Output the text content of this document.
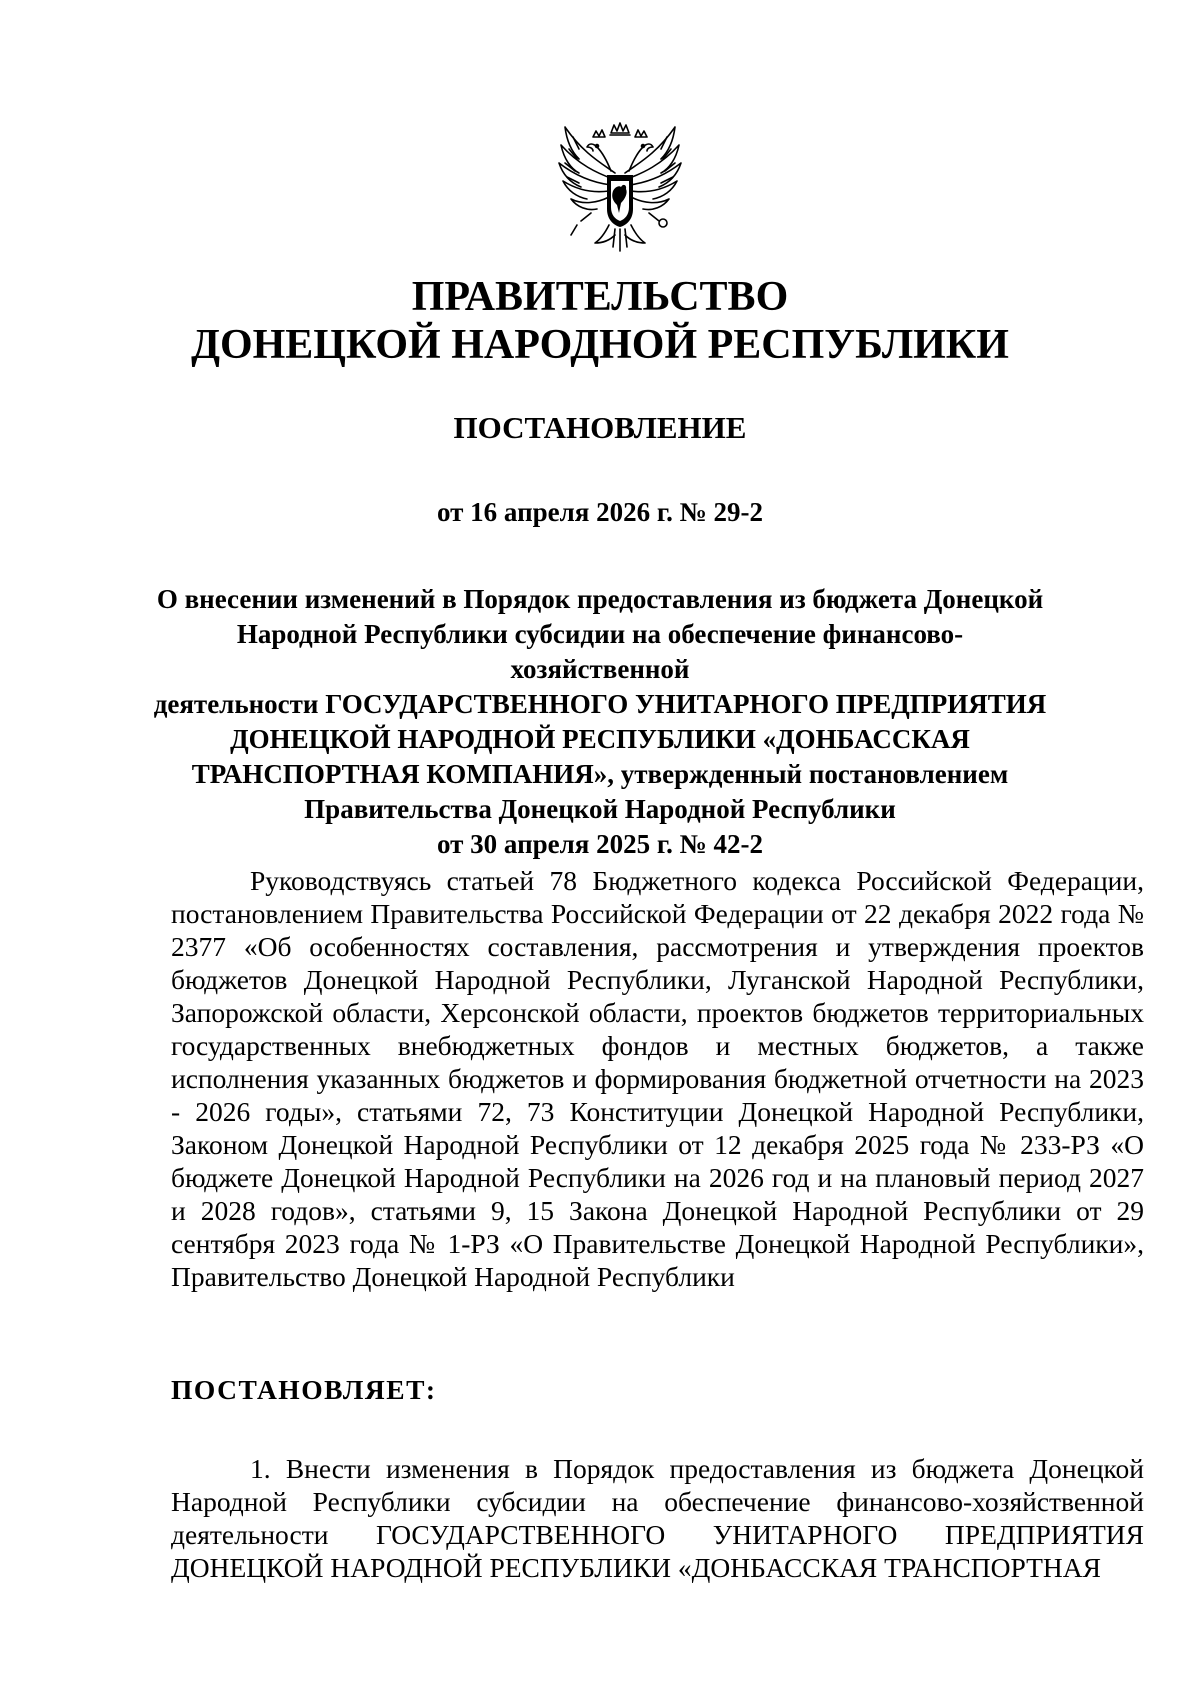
ПРАВИТЕЛЬСТВО
ДОНЕЦКОЙ НАРОДНОЙ РЕСПУБЛИКИ
ПОСТАНОВЛЕНИЕ
от 16 апреля 2026 г. № 29-2
О внесении изменений в Порядок предоставления из бюджета Донецкой
Народной Республики субсидии на обеспечение финансово-хозяйственной
деятельности ГОСУДАРСТВЕННОГО УНИТАРНОГО ПРЕДПРИЯТИЯ
ДОНЕЦКОЙ НАРОДНОЙ РЕСПУБЛИКИ «ДОНБАССКАЯ
ТРАНСПОРТНАЯ КОМПАНИЯ», утвержденный постановлением
Правительства Донецкой Народной Республики
от 30 апреля 2025 г. № 42-2
Руководствуясь статьей 78 Бюджетного кодекса Российской Федерации, постановлением Правительства Российской Федерации от 22 декабря 2022 года № 2377 «Об особенностях составления, рассмотрения и утверждения проектов бюджетов Донецкой Народной Республики, Луганской Народной Республики, Запорожской области, Херсонской области, проектов бюджетов территориальных государственных внебюджетных фондов и местных бюджетов, а также исполнения указанных бюджетов и формирования бюджетной отчетности на 2023 - 2026 годы», статьями 72, 73 Конституции Донецкой Народной Республики, Законом Донецкой Народной Республики от 12 декабря 2025 года № 233-РЗ «О бюджете Донецкой Народной Республики на 2026 год и на плановый период 2027 и 2028 годов», статьями 9, 15 Закона Донецкой Народной Республики от 29 сентября 2023 года № 1-РЗ «О Правительстве Донецкой Народной Республики», Правительство Донецкой Народной Республики
ПОСТАНОВЛЯЕТ:
1. Внести изменения в Порядок предоставления из бюджета Донецкой Народной Республики субсидии на обеспечение финансово-хозяйственной деятельности ГОСУДАРСТВЕННОГО УНИТАРНОГО ПРЕДПРИЯТИЯ ДОНЕЦКОЙ НАРОДНОЙ РЕСПУБЛИКИ «ДОНБАССКАЯ ТРАНСПОРТНАЯ
